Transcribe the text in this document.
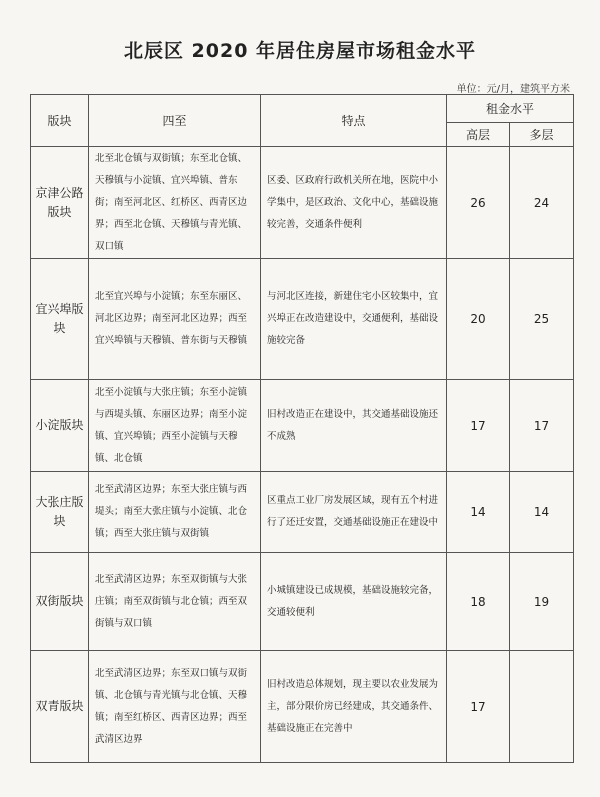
北辰区 2020 年居住房屋市场租金水平
单位：元/月，建筑平方米
版块	四至	特点	租金水平	
			高层	多层
京津公路版块	北至北仓镇与双街镇；东至北仓镇、天穆镇与小淀镇、宜兴埠镇、普东街；南至河北区、红桥区、西青区边界；西至北仓镇、天穆镇与青光镇、双口镇	区委、区政府行政机关所在地，医院中小学集中，是区政治、文化中心，基础设施较完善，交通条件便利	26	24
宜兴埠版块	北至宜兴埠与小淀镇；东至东丽区、河北区边界；南至河北区边界；西至宜兴埠镇与天穆镇、普东街与天穆镇	与河北区连接，新建住宅小区较集中，宜兴埠正在改造建设中，交通便利，基础设施较完备	20	25
小淀版块	北至小淀镇与大张庄镇；东至小淀镇与西堤头镇、东丽区边界；南至小淀镇、宜兴埠镇；西至小淀镇与天穆镇、北仓镇	旧村改造正在建设中，其交通基础设施还不成熟	17	17
大张庄版块	北至武清区边界；东至大张庄镇与西堤头；南至大张庄镇与小淀镇、北仓镇；西至大张庄镇与双街镇	区重点工业厂房发展区域，现有五个村进行了还迁安置，交通基础设施正在建设中	14	14
双街版块	北至武清区边界；东至双街镇与大张庄镇；南至双街镇与北仓镇；西至双街镇与双口镇	小城镇建设已成规模，基础设施较完备，交通较便利	18	19
双青版块	北至武清区边界；东至双口镇与双街镇、北仓镇与青光镇与北仓镇、天穆镇；南至红桥区、西青区边界；西至武清区边界	旧村改造总体规划，现主要以农业发展为主，部分限价房已经建成，其交通条件、基础设施正在完善中	17	
